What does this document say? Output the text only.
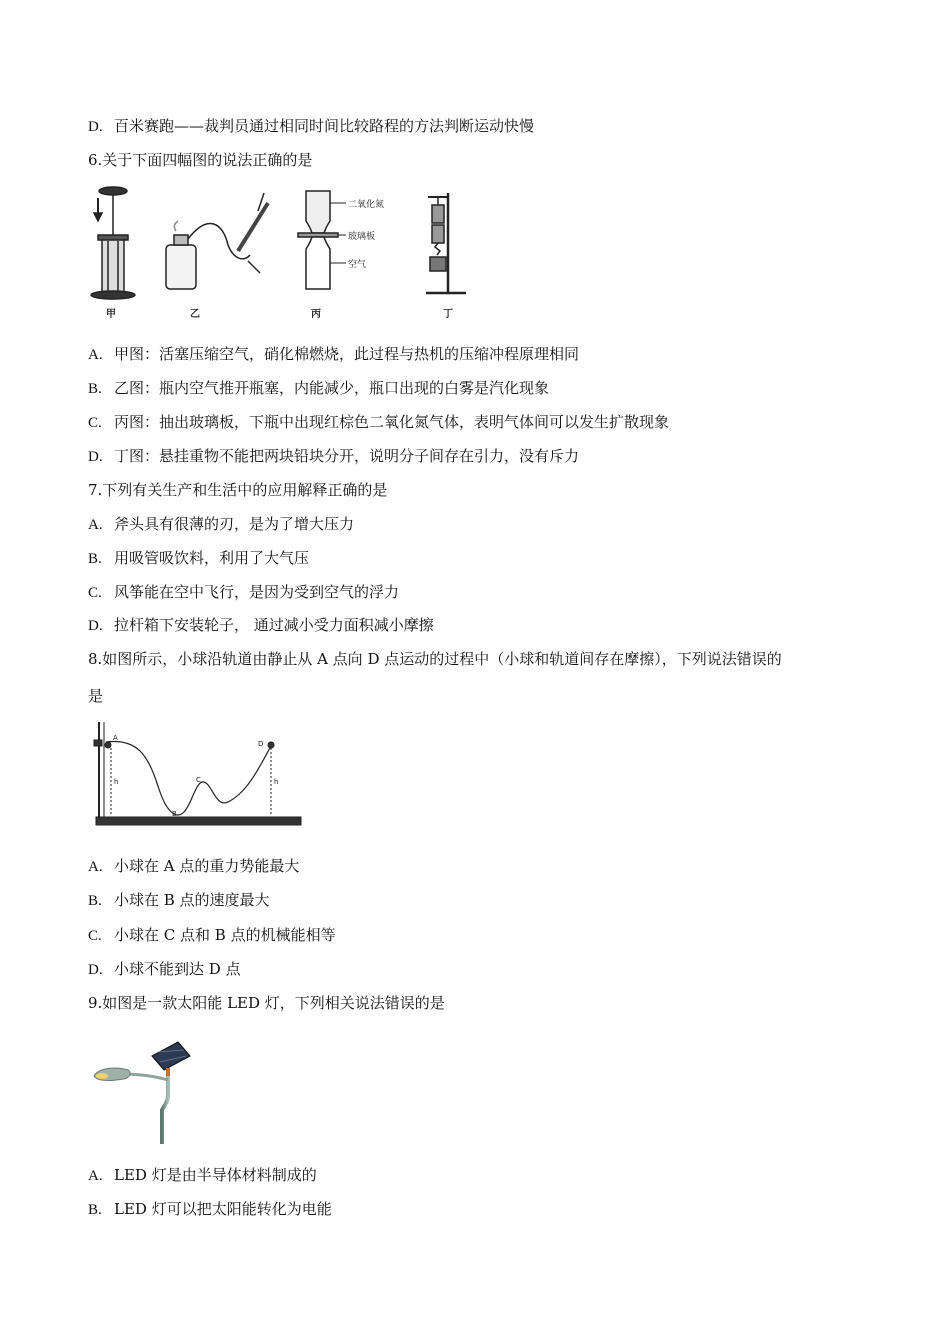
D. 百米赛跑——裁判员通过相同时间比较路程的方法判断运动快慢
6.关于下面四幅图的说法正确的是
二氧化氮
玻璃板
空气
甲	乙	丙	丁
A. 甲图：活塞压缩空气，硝化棉燃烧，此过程与热机的压缩冲程原理相同
B. 乙图：瓶内空气推开瓶塞，内能减少，瓶口出现的白雾是汽化现象
C. 丙图：抽出玻璃板，下瓶中出现红棕色二氧化氮气体，表明气体间可以发生扩散现象
D. 丁图：悬挂重物不能把两块铅块分开，说明分子间存在引力，没有斥力
7.下列有关生产和生活中的应用解释正确的是
A. 斧头具有很薄的刃，是为了增大压力
B. 用吸管吸饮料，利用了大气压
C. 风筝能在空中飞行，是因为受到空气的浮力
D. 拉杆箱下安装轮子， 通过减小受力面积减小摩擦
8.如图所示，小球沿轨道由静止从 A 点向 D 点运动的过程中（小球和轨道间存在摩擦），下列说法错误的
是
A
B
C
D
h	h
A. 小球在 A 点的重力势能最大
B. 小球在 B 点的速度最大
C. 小球在 C 点和 B 点的机械能相等
D. 小球不能到达 D 点
9.如图是一款太阳能 LED 灯，下列相关说法错误的是
A. LED 灯是由半导体材料制成的
B. LED 灯可以把太阳能转化为电能
